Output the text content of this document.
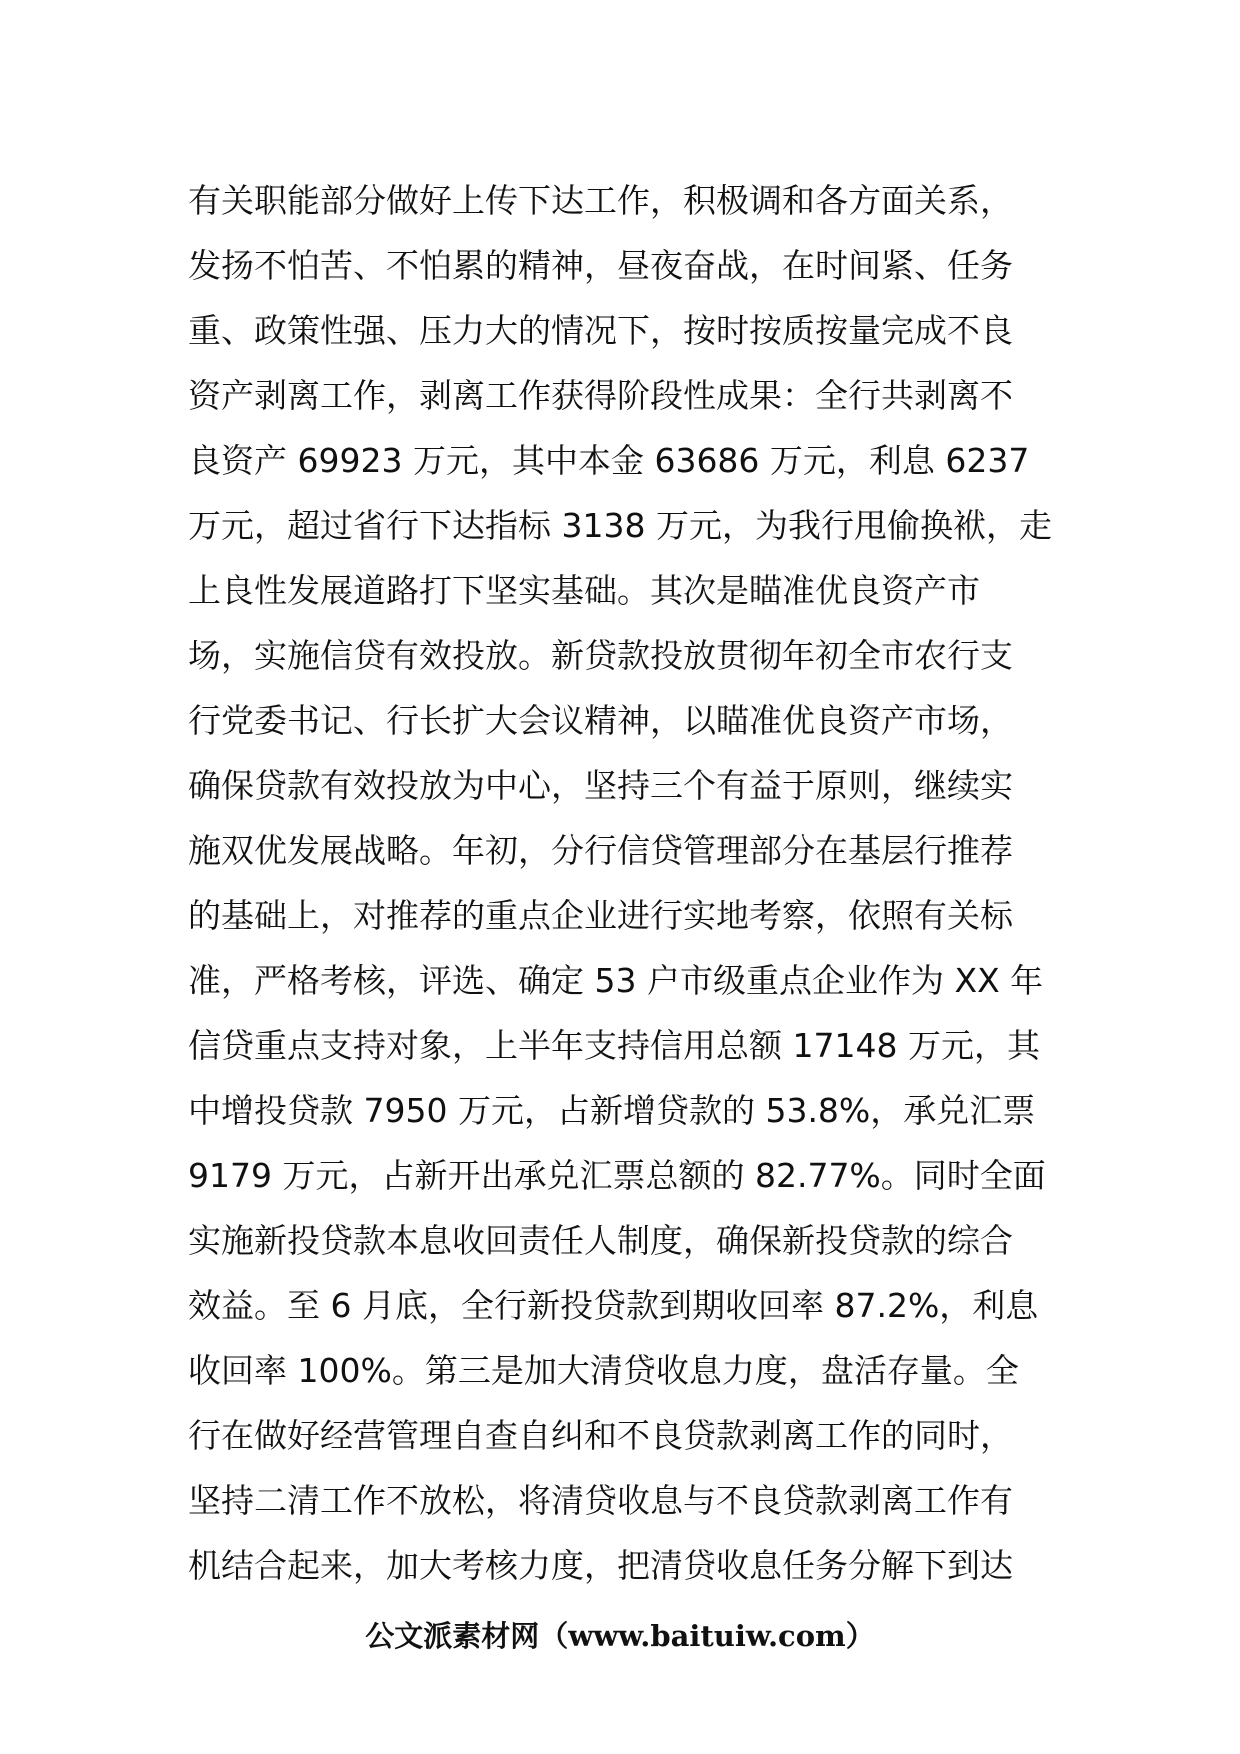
有关职能部分做好上传下达工作，积极调和各方面关系，
发扬不怕苦、不怕累的精神，昼夜奋战，在时间紧、任务
重、政策性强、压力大的情况下，按时按质按量完成不良
资产剥离工作，剥离工作获得阶段性成果：全行共剥离不
良资产 69923 万元，其中本金 63686 万元，利息 6237
万元，超过省行下达指标 3138 万元，为我行甩偷换袱，走
上良性发展道路打下坚实基础。其次是瞄准优良资产市
场，实施信贷有效投放。新贷款投放贯彻年初全市农行支
行党委书记、行长扩大会议精神，以瞄准优良资产市场，
确保贷款有效投放为中心，坚持三个有益于原则，继续实
施双优发展战略。年初，分行信贷管理部分在基层行推荐
的基础上，对推荐的重点企业进行实地考察，依照有关标
准，严格考核，评选、确定 53 户市级重点企业作为 XX 年
信贷重点支持对象，上半年支持信用总额 17148 万元，其
中增投贷款 7950 万元，占新增贷款的 53.8%，承兑汇票
9179 万元，占新开出承兑汇票总额的 82.77%。同时全面
实施新投贷款本息收回责任人制度，确保新投贷款的综合
效益。至 6 月底，全行新投贷款到期收回率 87.2%，利息
收回率 100%。第三是加大清贷收息力度，盘活存量。全
行在做好经营管理自查自纠和不良贷款剥离工作的同时，
坚持二清工作不放松，将清贷收息与不良贷款剥离工作有
机结合起来，加大考核力度，把清贷收息任务分解下到达
公文派素材网（www.baituiw.com）
